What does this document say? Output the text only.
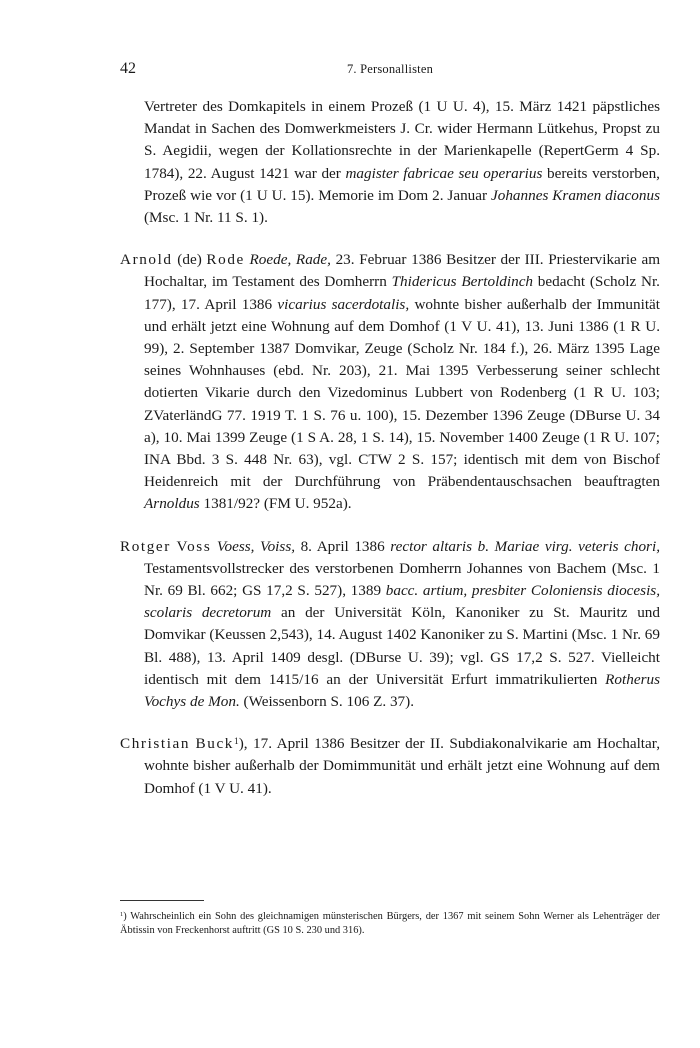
42	7. Personallisten

Vertreter des Domkapitels in einem Prozeß (1 U U. 4), 15. März 1421 päpstliches Mandat in Sachen des Domwerkmeisters J. Cr. wider Hermann Lütkehus, Propst zu S. Aegidii, wegen der Kollationsrechte in der Marienkapelle (RepertGerm 4 Sp. 1784), 22. August 1421 war der magister fabricae seu operarius bereits verstorben, Prozeß wie vor (1 U U. 15). Memorie im Dom 2. Januar Johannes Kramen diaconus (Msc. 1 Nr. 11 S. 1).

Arnold (de) Rode Roede, Rade, 23. Februar 1386 Besitzer der III. Priestervikarie am Hochaltar, im Testament des Domherrn Thidericus Bertoldinch bedacht (Scholz Nr. 177), 17. April 1386 vicarius sacerdotalis, wohnte bisher außerhalb der Immunität und erhält jetzt eine Wohnung auf dem Domhof (1 V U. 41), 13. Juni 1386 (1 R U. 99), 2. September 1387 Domvikar, Zeuge (Scholz Nr. 184 f.), 26. März 1395 Lage seines Wohnhauses (ebd. Nr. 203), 21. Mai 1395 Verbesserung seiner schlecht dotierten Vikarie durch den Vizedominus Lubbert von Rodenberg (1 R U. 103; ZVaterländG 77. 1919 T. 1 S. 76 u. 100), 15. Dezember 1396 Zeuge (DBurse U. 34 a), 10. Mai 1399 Zeuge (1 S A. 28, 1 S. 14), 15. November 1400 Zeuge (1 R U. 107; INA Bbd. 3 S. 448 Nr. 63), vgl. CTW 2 S. 157; identisch mit dem von Bischof Heidenreich mit der Durchführung von Präbendentauschsachen beauftragten Arnoldus 1381/92? (FM U. 952a).

Rotger Voss Voess, Voiss, 8. April 1386 rector altaris b. Mariae virg. veteris chori, Testamentsvollstrecker des verstorbenen Domherrn Johannes von Bachem (Msc. 1 Nr. 69 Bl. 662; GS 17,2 S. 527), 1389 bacc. artium, presbiter Coloniensis diocesis, scolaris decretorum an der Universität Köln, Kanoniker zu St. Mauritz und Domvikar (Keussen 2,543), 14. August 1402 Kanoniker zu S. Martini (Msc. 1 Nr. 69 Bl. 488), 13. April 1409 desgl. (DBurse U. 39); vgl. GS 17,2 S. 527. Vielleicht identisch mit dem 1415/16 an der Universität Erfurt immatrikulierten Rotherus Vochys de Mon. (Weissenborn S. 106 Z. 37).

Christian Buck$^1$), 17. April 1386 Besitzer der II. Subdiakonalvikarie am Hochaltar, wohnte bisher außerhalb der Domimmunität und erhält jetzt eine Wohnung auf dem Domhof (1 V U. 41).

$^1$) Wahrscheinlich ein Sohn des gleichnamigen münsterischen Bürgers, der 1367 mit seinem Sohn Werner als Lehenträger der Äbtissin von Freckenhorst auftritt (GS 10 S. 230 und 316).
